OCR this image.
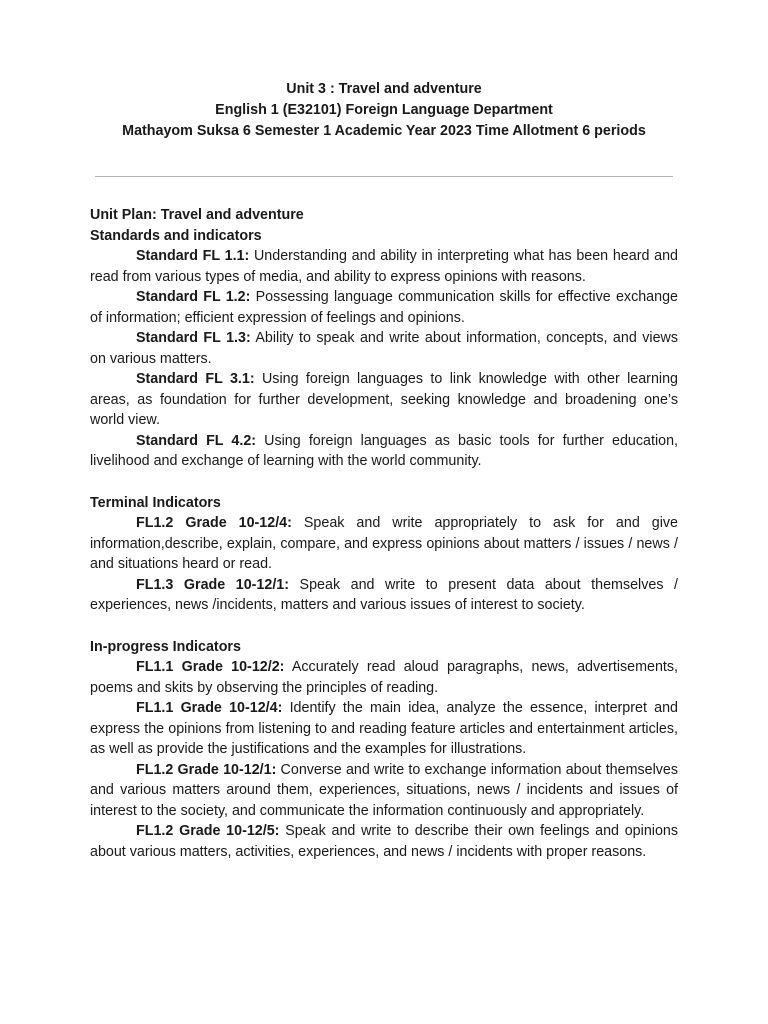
Unit 3 : Travel and adventure
English 1 (E32101) Foreign Language Department
Mathayom Suksa 6 Semester 1 Academic Year 2023 Time Allotment 6 periods
Unit Plan: Travel and adventure
Standards and indicators
Standard FL 1.1: Understanding and ability in interpreting what has been heard and read from various types of media, and ability to express opinions with reasons.
Standard FL 1.2: Possessing language communication skills for effective exchange of information; efficient expression of feelings and opinions.
Standard FL 1.3: Ability to speak and write about information, concepts, and views on various matters.
Standard FL 3.1: Using foreign languages to link knowledge with other learning areas, as foundation for further development, seeking knowledge and broadening one’s world view.
Standard FL 4.2: Using foreign languages as basic tools for further education, livelihood and exchange of learning with the world community.
Terminal Indicators
FL1.2 Grade 10-12/4: Speak and write appropriately to ask for and give information,describe, explain, compare, and express opinions about matters / issues / news / and situations heard or read.
FL1.3 Grade 10-12/1: Speak and write to present data about themselves / experiences, news /incidents, matters and various issues of interest to society.
In-progress Indicators
FL1.1 Grade 10-12/2: Accurately read aloud paragraphs, news, advertisements, poems and skits by observing the principles of reading.
FL1.1 Grade 10-12/4: Identify the main idea, analyze the essence, interpret and express the opinions from listening to and reading feature articles and entertainment articles, as well as provide the justifications and the examples for illustrations.
FL1.2 Grade 10-12/1: Converse and write to exchange information about themselves and various matters around them, experiences, situations, news / incidents and issues of interest to the society, and communicate the information continuously and appropriately.
FL1.2 Grade 10-12/5: Speak and write to describe their own feelings and opinions about various matters, activities, experiences, and news / incidents with proper reasons.
